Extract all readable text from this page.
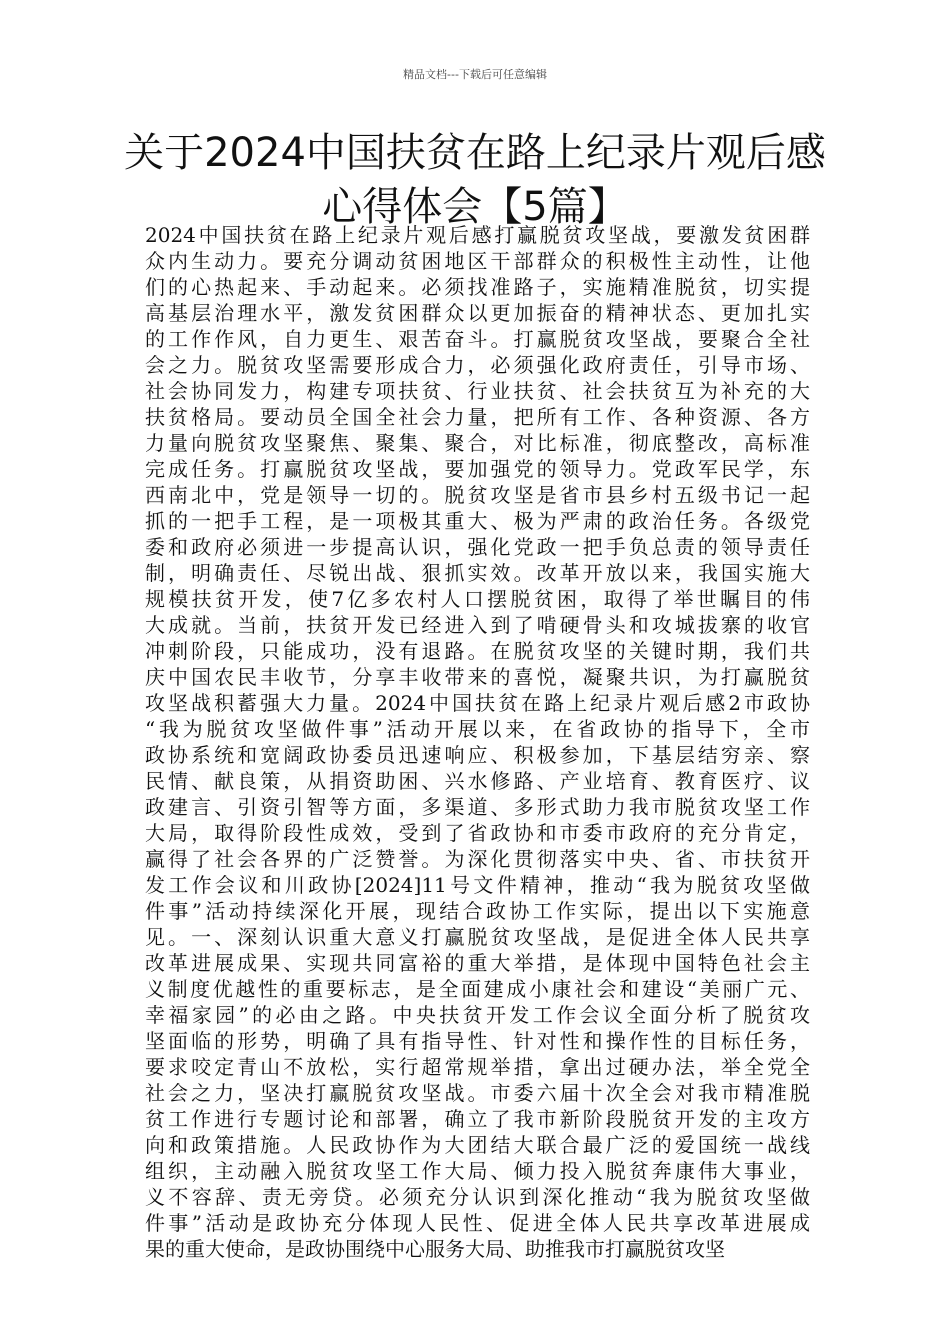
精品文档---下载后可任意编辑
关于2024中国扶贫在路上纪录片观后感心得体会【5篇】
2024中国扶贫在路上纪录片观后感打赢脱贫攻坚战，要激发贫困群
众内生动力。要充分调动贫困地区干部群众的积极性主动性，让他
们的心热起来、手动起来。必须找准路子，实施精准脱贫，切实提
高基层治理水平，激发贫困群众以更加振奋的精神状态、更加扎实
的工作作风，自力更生、艰苦奋斗。打赢脱贫攻坚战，要聚合全社
会之力。脱贫攻坚需要形成合力，必须强化政府责任，引导市场、
社会协同发力，构建专项扶贫、行业扶贫、社会扶贫互为补充的大
扶贫格局。要动员全国全社会力量，把所有工作、各种资源、各方
力量向脱贫攻坚聚焦、聚集、聚合，对比标准，彻底整改，高标准
完成任务。打赢脱贫攻坚战，要加强党的领导力。党政军民学，东
西南北中，党是领导一切的。脱贫攻坚是省市县乡村五级书记一起
抓的一把手工程，是一项极其重大、极为严肃的政治任务。各级党
委和政府必须进一步提高认识，强化党政一把手负总责的领导责任
制，明确责任、尽锐出战、狠抓实效。改革开放以来，我国实施大
规模扶贫开发，使7亿多农村人口摆脱贫困，取得了举世瞩目的伟
大成就。当前，扶贫开发已经进入到了啃硬骨头和攻城拔寨的收官
冲刺阶段，只能成功，没有退路。在脱贫攻坚的关键时期，我们共
庆中国农民丰收节，分享丰收带来的喜悦，凝聚共识，为打赢脱贫
攻坚战积蓄强大力量。2024中国扶贫在路上纪录片观后感2市政协
“我为脱贫攻坚做件事”活动开展以来，在省政协的指导下，全市
政协系统和宽阔政协委员迅速响应、积极参加，下基层结穷亲、察
民情、献良策，从捐资助困、兴水修路、产业培育、教育医疗、议
政建言、引资引智等方面，多渠道、多形式助力我市脱贫攻坚工作
大局，取得阶段性成效，受到了省政协和市委市政府的充分肯定，
赢得了社会各界的广泛赞誉。为深化贯彻落实中央、省、市扶贫开
发工作会议和川政协[2024]11号文件精神，推动“我为脱贫攻坚做
件事”活动持续深化开展，现结合政协工作实际，提出以下实施意
见。一、深刻认识重大意义打赢脱贫攻坚战，是促进全体人民共享
改革进展成果、实现共同富裕的重大举措，是体现中国特色社会主
义制度优越性的重要标志，是全面建成小康社会和建设“美丽广元、
幸福家园”的必由之路。中央扶贫开发工作会议全面分析了脱贫攻
坚面临的形势，明确了具有指导性、针对性和操作性的目标任务，
要求咬定青山不放松，实行超常规举措，拿出过硬办法，举全党全
社会之力，坚决打赢脱贫攻坚战。市委六届十次全会对我市精准脱
贫工作进行专题讨论和部署，确立了我市新阶段脱贫开发的主攻方
向和政策措施。人民政协作为大团结大联合最广泛的爱国统一战线
组织，主动融入脱贫攻坚工作大局、倾力投入脱贫奔康伟大事业，
义不容辞、责无旁贷。必须充分认识到深化推动“我为脱贫攻坚做
件事”活动是政协充分体现人民性、促进全体人民共享改革进展成
果的重大使命，是政协围绕中心服务大局、助推我市打赢脱贫攻坚
